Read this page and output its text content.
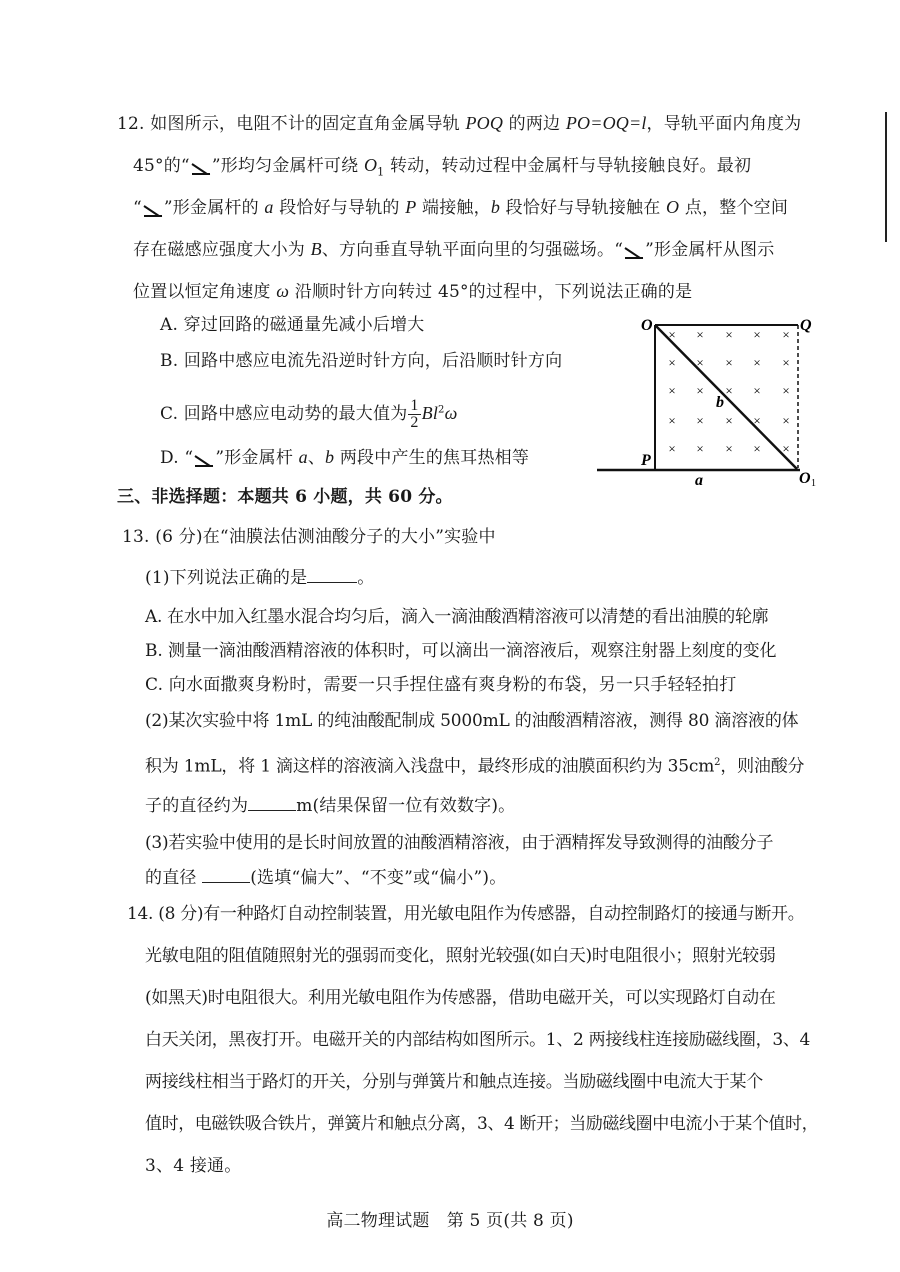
12. 如图所示，电阻不计的固定直角金属导轨 POQ 的两边 PO=OQ=l，导轨平面内角度为
45°的“ ”形均匀金属杆可绕 $O_1$ 转动，转动过程中金属杆与导轨接触良好。最初
“ ”形金属杆的 a 段恰好与导轨的 P 端接触，b 段恰好与导轨接触在 O 点，整个空间
存在磁感应强度大小为 B、方向垂直导轨平面向里的匀强磁场。“ ”形金属杆从图示
位置以恒定角速度 ω 沿顺时针方向转过 45°的过程中，下列说法正确的是
A. 穿过回路的磁通量先减小后增大
B. 回路中感应电流先沿逆时针方向，后沿顺时针方向
C. 回路中感应电动势的最大值为 $\frac{1}{2} Bl^2\omega$
D. “ ”形金属杆 a、b 两段中产生的焦耳热相等
× × × × ×
× × × × ×
× × × × ×
× × × × ×
× × × × ×
O	Q
P
a
b
O 1
三、非选择题：本题共 6 小题，共 60 分。
13. (6 分)在“油膜法估测油酸分子的大小”实验中
(1)下列说法正确的是	。
A. 在水中加入红墨水混合均匀后，滴入一滴油酸酒精溶液可以清楚的看出油膜的轮廓
B. 测量一滴油酸酒精溶液的体积时，可以滴出一滴溶液后，观察注射器上刻度的变化
C. 向水面撒爽身粉时，需要一只手捏住盛有爽身粉的布袋，另一只手轻轻拍打
(2)某次实验中将 1mL 的纯油酸配制成 5000mL 的油酸酒精溶液，测得 80 滴溶液的体
积为 1mL，将 1 滴这样的溶液滴入浅盘中，最终形成的油膜面积约为 $35cm^2$，则油酸分
子的直径约为	m(结果保留一位有效数字)。
(3)若实验中使用的是长时间放置的油酸酒精溶液，由于酒精挥发导致测得的油酸分子
的直径	(选填“偏大”、“不变”或“偏小”)。
14. (8 分)有一种路灯自动控制装置，用光敏电阻作为传感器，自动控制路灯的接通与断开。
光敏电阻的阻值随照射光的强弱而变化，照射光较强(如白天)时电阻很小；照射光较弱
(如黑天)时电阻很大。利用光敏电阻作为传感器，借助电磁开关，可以实现路灯自动在
白天关闭，黑夜打开。电磁开关的内部结构如图所示。1、2 两接线柱连接励磁线圈，3、4
两接线柱相当于路灯的开关，分别与弹簧片和触点连接。当励磁线圈中电流大于某个
值时，电磁铁吸合铁片，弹簧片和触点分离，3、4 断开；当励磁线圈中电流小于某个值时，
3、4 接通。
高二物理试题　第 5 页(共 8 页)
